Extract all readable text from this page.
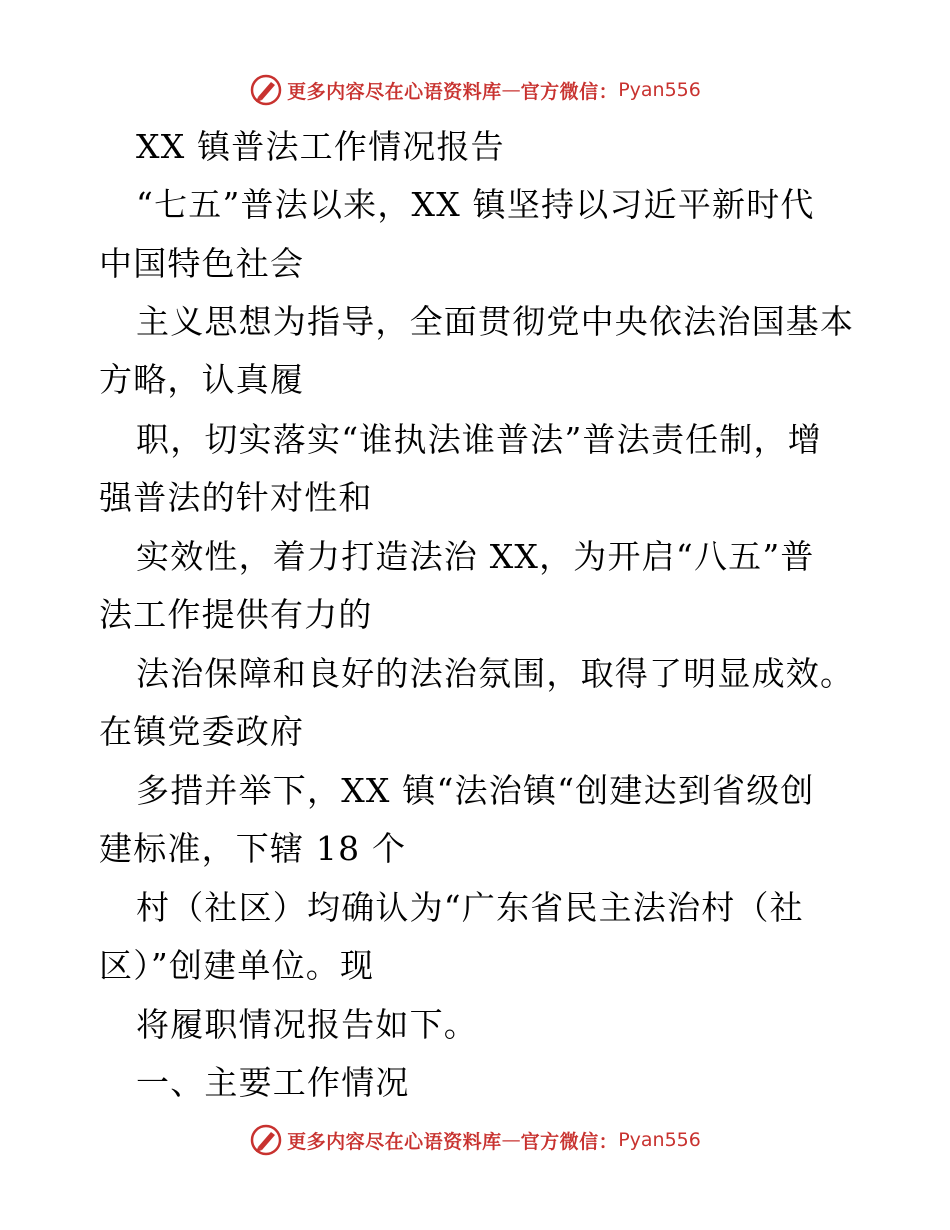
更多内容尽在心语资料库 — 官方微信： Pyan556
XX 镇普法工作情况报告
“七五”普法以来，XX 镇坚持以习近平新时代
中国特色社会
主义思想为指导，全面贯彻党中央依法治国基本
方略，认真履
职，切实落实“谁执法谁普法”普法责任制，增
强普法的针对性和
实效性，着力打造法治 XX，为开启“八五”普
法工作提供有力的
法治保障和良好的法治氛围，取得了明显成效。
在镇党委政府
多措并举下，XX 镇“法治镇“创建达到省级创
建标准，下辖 18 个
村（社区）均确认为“广东省民主法治村（社
区）”创建单位。现
将履职情况报告如下。
一、主要工作情况
更多内容尽在心语资料库 — 官方微信： Pyan556
